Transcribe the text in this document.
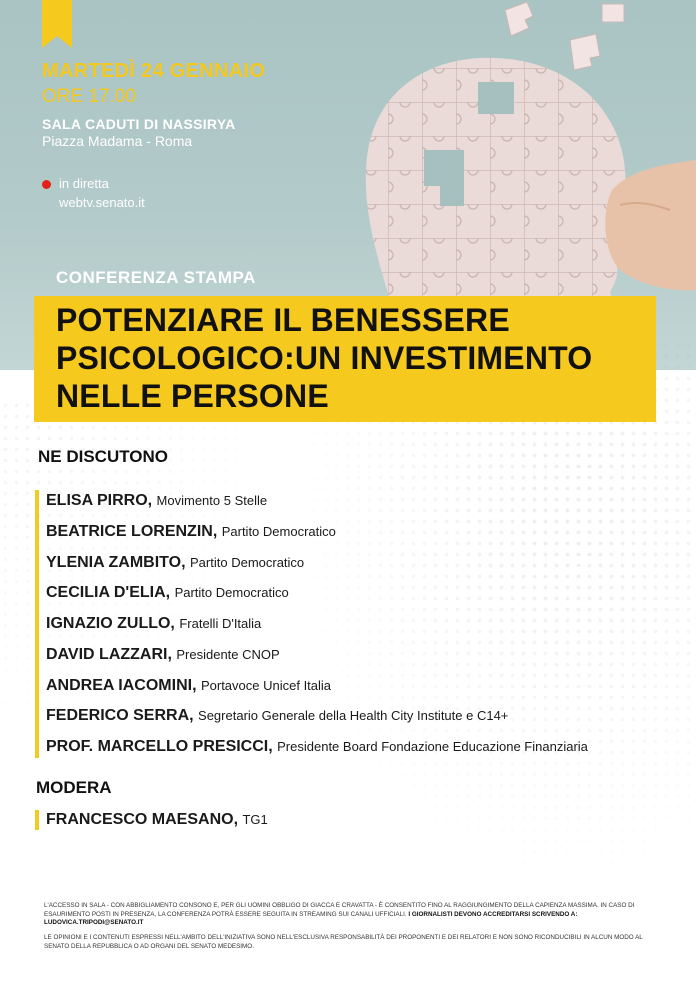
MARTEDÌ 24 GENNAIO
ORE 17.00
SALA CADUTI DI NASSIRYA
Piazza Madama - Roma
in diretta
webtv.senato.it
CONFERENZA STAMPA
POTENZIARE IL BENESSERE
PSICOLOGICO:UN INVESTIMENTO
NELLE PERSONE
NE DISCUTONO
ELISA PIRRO, Movimento 5 Stelle
BEATRICE LORENZIN, Partito Democratico
YLENIA ZAMBITO, Partito Democratico
CECILIA D'ELIA, Partito Democratico
IGNAZIO ZULLO, Fratelli D'Italia
DAVID LAZZARI, Presidente CNOP
ANDREA IACOMINI, Portavoce Unicef Italia
FEDERICO SERRA, Segretario Generale della Health City Institute e C14+
PROF. MARCELLO PRESICCI, Presidente Board Fondazione Educazione Finanziaria
MODERA
FRANCESCO MAESANO, TG1
L'ACCESSO IN SALA - CON ABBIGLIAMENTO CONSONO E, PER GLI UOMINI OBBLIGO DI GIACCA E CRAVATTA - È CONSENTITO FINO AL RAGGIUNGIMENTO DELLA CAPIENZA MASSIMA. IN CASO DI ESAURIMENTO POSTI IN PRESENZA, LA CONFERENZA POTRÀ ESSERE SEGUITA IN STREAMING SUI CANALI UFFICIALI. I GIORNALISTI DEVONO ACCREDITARSI SCRIVENDO A: LUDOVICA.TRIPODI@SENATO.IT
LE OPINIONI E I CONTENUTI ESPRESSI NELL'AMBITO DELL'INIZIATIVA SONO NELL'ESCLUSIVA RESPONSABILITÀ DEI PROPONENTI E DEI RELATORI E NON SONO RICONDUCIBILI IN ALCUN MODO AL SENATO DELLA REPUBBLICA O AD ORGANI DEL SENATO MEDESIMO.
